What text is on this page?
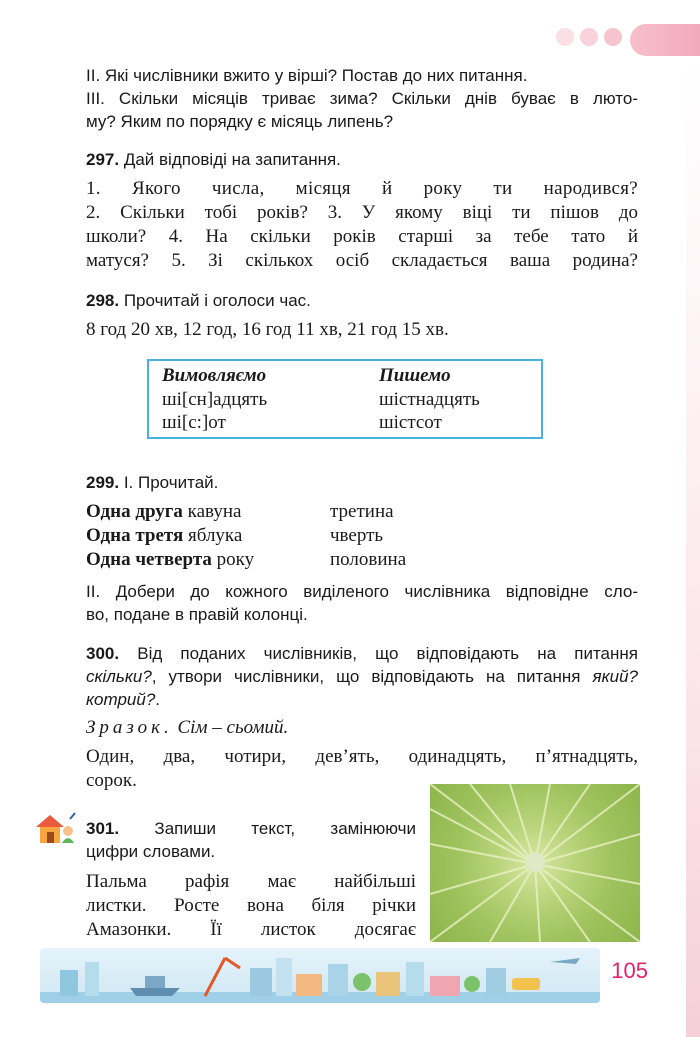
ІІ. Які числівники вжито у вірші? Постав до них питання.
ІІІ. Скільки місяців триває зима? Скільки днів буває в люто-
му? Яким по порядку є місяць липень?
297. Дай відповіді на запитання.
1. Якого числа, місяця й року ти народився?
2. Скільки тобі років? 3. У якому віці ти пішов до
школи? 4. На скільки років старші за тебе тато й
матуся? 5. Зі скількох осіб складається ваша родина?
298. Прочитай і оголоси час.
8 год 20 хв, 12 год, 16 год 11 хв, 21 год 15 хв.
Вимовляємо	Пишемо
ші[сн]адцять	шістнадцять
ші[с:]от	шістсот
299. І. Прочитай.
Одна друга кавуна	третина
Одна третя яблука	чверть
Одна четверта року	половина
ІІ. Добери до кожного виділеного числівника відповідне сло-
во, подане в правій колонці.
300. Від поданих числівників, що відповідають на питання
скільки?, утвори числівники, що відповідають на питання який?
котрий?.
Зразок. Сім – сьомий.
Один, два, чотири, дев’ять, одинадцять, п’ятнадцять,
сорок.
301. Запиши текст, замінюючи
цифри словами.
Пальма рафія має найбільші
листки. Росте вона біля річки
Амазонки. Її листок досягає
105
